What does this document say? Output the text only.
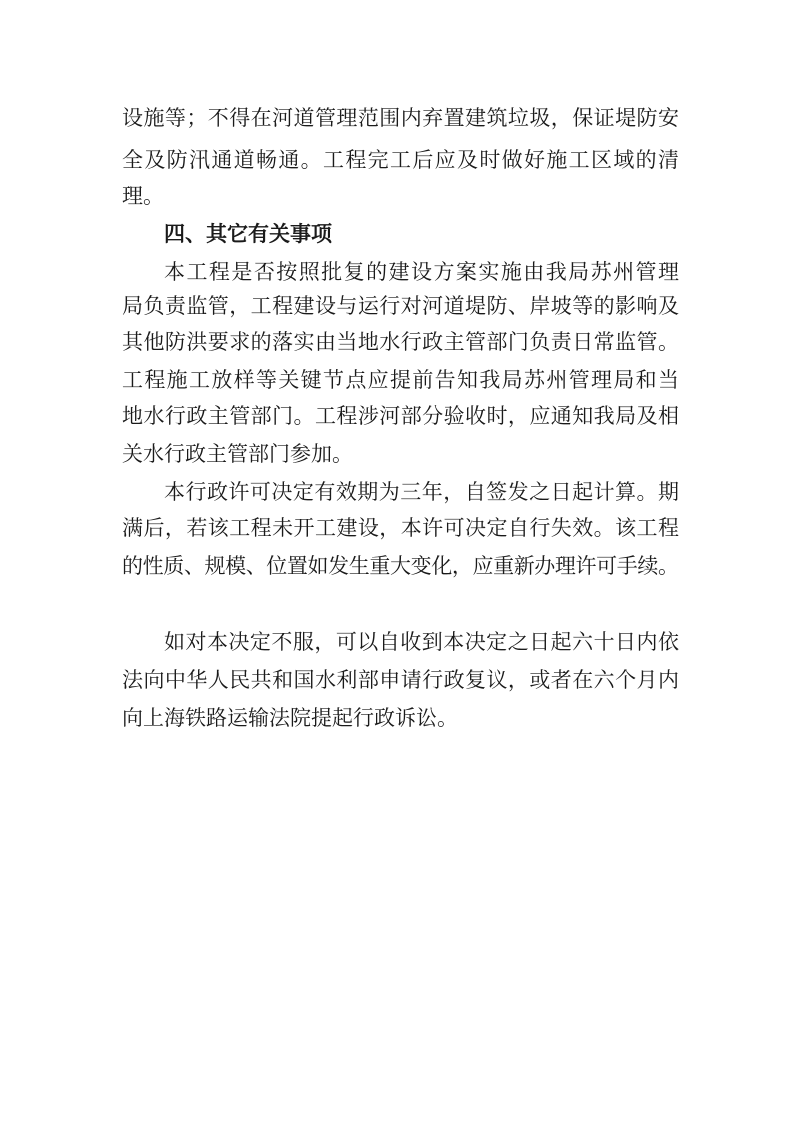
设施等；不得在河道管理范围内弃置建筑垃圾，保证堤防安
全及防汛通道畅通。工程完工后应及时做好施工区域的清
理。
四、其它有关事项
本工程是否按照批复的建设方案实施由我局苏州管理
局负责监管，工程建设与运行对河道堤防、岸坡等的影响及
其他防洪要求的落实由当地水行政主管部门负责日常监管。
工程施工放样等关键节点应提前告知我局苏州管理局和当
地水行政主管部门。工程涉河部分验收时，应通知我局及相
关水行政主管部门参加。
本行政许可决定有效期为三年，自签发之日起计算。期
满后，若该工程未开工建设，本许可决定自行失效。该工程
的性质、规模、位置如发生重大变化，应重新办理许可手续。
如对本决定不服，可以自收到本决定之日起六十日内依
法向中华人民共和国水利部申请行政复议，或者在六个月内
向上海铁路运输法院提起行政诉讼。
